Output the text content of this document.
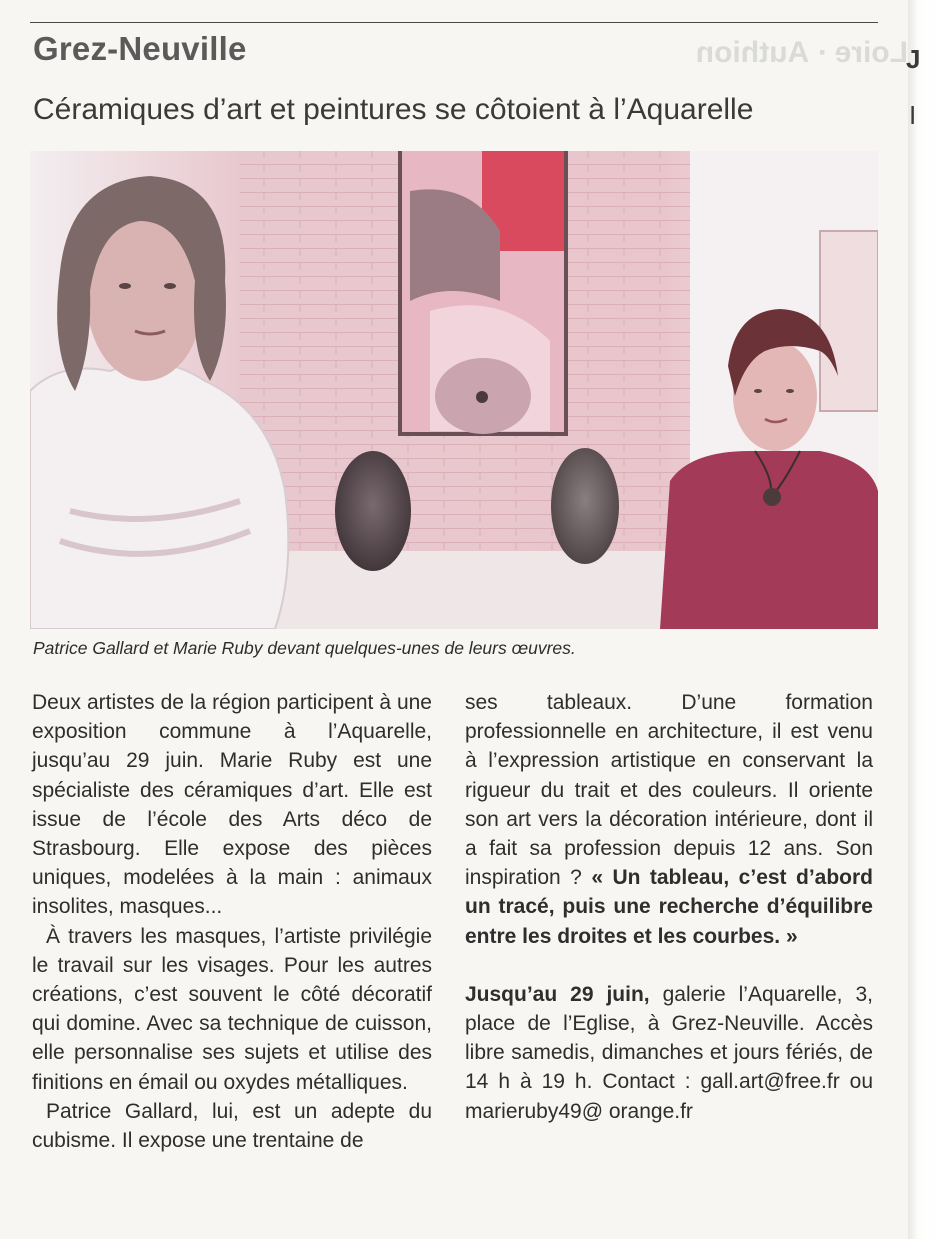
Loire · Authion
J
I
Grez-Neuville
Céramiques d’art et peintures se côtoient à l’Aquarelle
Patrice Gallard et Marie Ruby devant quelques-unes de leurs œuvres.

Deux artistes de la région participent à une exposition commune à l’Aquarelle, jusqu’au 29 juin. Marie Ruby est une spécialiste des céramiques d’art. Elle est issue de l’école des Arts déco de Strasbourg. Elle expose des pièces uniques, modelées à la main : animaux insolites, masques...

À travers les masques, l’artiste privilégie le travail sur les visages. Pour les autres créations, c’est souvent le côté décoratif qui domine. Avec sa technique de cuisson, elle personnalise ses sujets et utilise des finitions en émail ou oxydes métalliques.

Patrice Gallard, lui, est un adepte du cubisme. Il expose une trentaine de

ses tableaux. D’une formation professionnelle en architecture, il est venu à l’expression artistique en conservant la rigueur du trait et des couleurs. Il oriente son art vers la décoration intérieure, dont il a fait sa profession depuis 12 ans. Son inspiration ? « Un tableau, c’est d’abord un tracé, puis une recherche d’équilibre entre les droites et les courbes. »

Jusqu’au 29 juin, galerie l’Aquarelle, 3, place de l’Eglise, à Grez-Neuville. Accès libre samedis, dimanches et jours fériés, de 14 h à 19 h. Contact : gall.art@free.fr ou marieruby49@ orange.fr
